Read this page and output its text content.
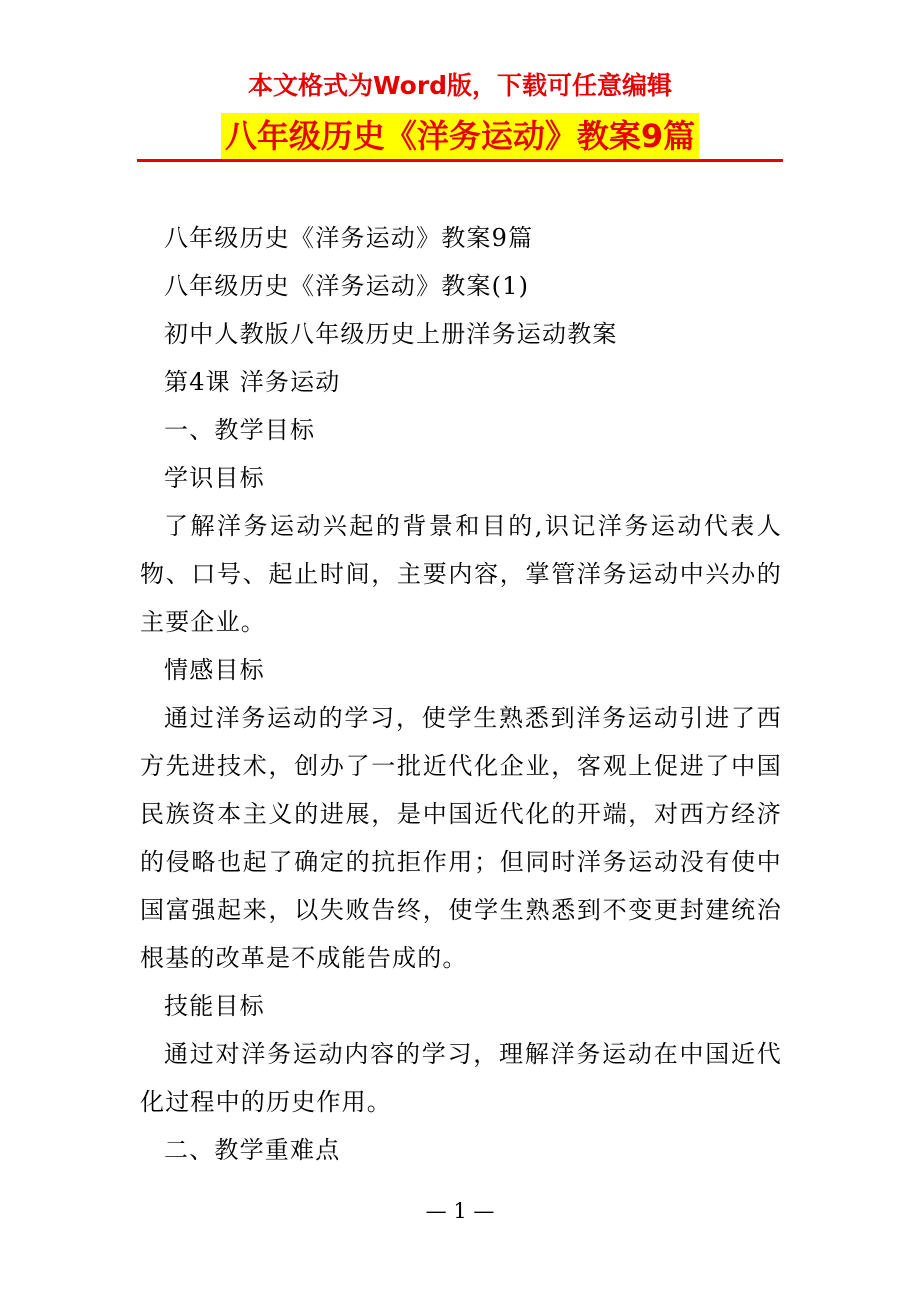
本文格式为Word版，下载可任意编辑
八年级历史《洋务运动》教案9篇

八年级历史《洋务运动》教案9篇

八年级历史《洋务运动》教案(1)

初中人教版八年级历史上册洋务运动教案

第4课 洋务运动

一、教学目标

学识目标

了解洋务运动兴起的背景和目的,识记洋务运动代表人物、口号、起止时间，主要内容，掌管洋务运动中兴办的主要企业。

情感目标

通过洋务运动的学习，使学生熟悉到洋务运动引进了西方先进技术，创办了一批近代化企业，客观上促进了中国民族资本主义的进展，是中国近代化的开端，对西方经济的侵略也起了确定的抗拒作用；但同时洋务运动没有使中国富强起来，以失败告终，使学生熟悉到不变更封建统治根基的改革是不成能告成的。

技能目标

通过对洋务运动内容的学习，理解洋务运动在中国近代化过程中的历史作用。

二、教学重难点

— 1 —
